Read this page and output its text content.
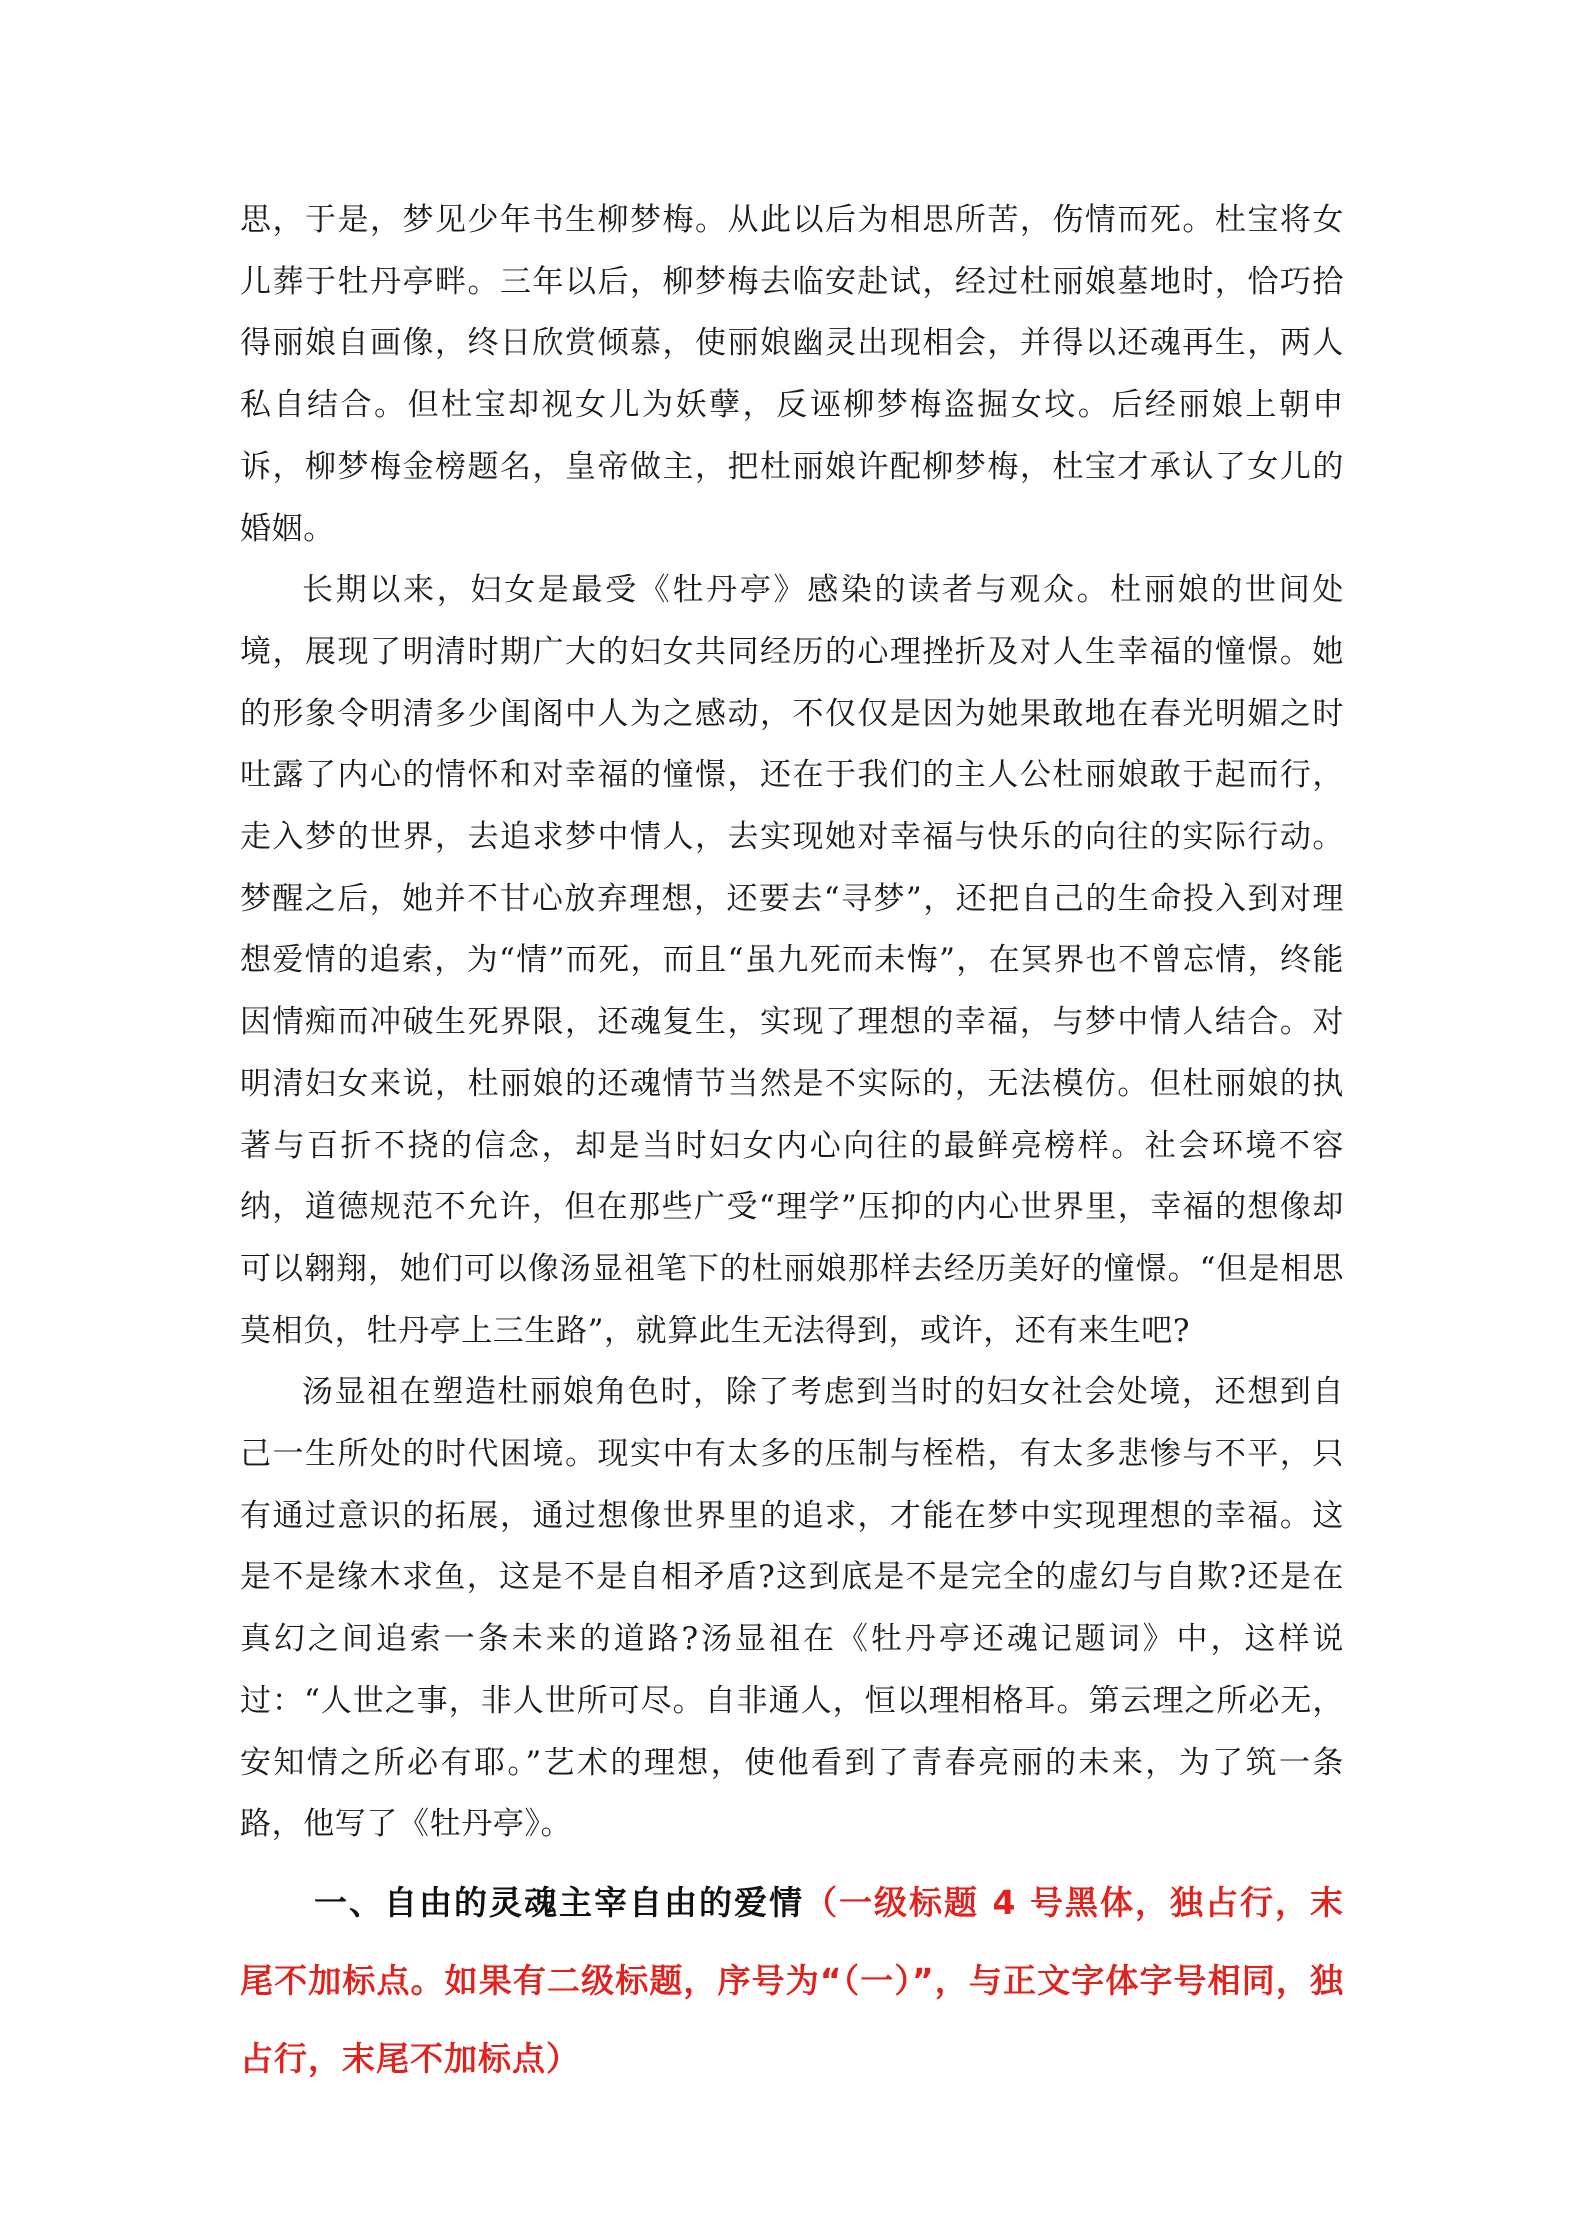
思，于是，梦见少年书生柳梦梅。从此以后为相思所苦，伤情而死。杜宝将女儿葬于牡丹亭畔。三年以后，柳梦梅去临安赴试，经过杜丽娘墓地时，恰巧拾得丽娘自画像，终日欣赏倾慕，使丽娘幽灵出现相会，并得以还魂再生，两人私自结合。但杜宝却视女儿为妖孽，反诬柳梦梅盗掘女坟。后经丽娘上朝申诉，柳梦梅金榜题名，皇帝做主，把杜丽娘许配柳梦梅，杜宝才承认了女儿的婚姻。

长期以来，妇女是最受《牡丹亭》感染的读者与观众。杜丽娘的世间处境，展现了明清时期广大的妇女共同经历的心理挫折及对人生幸福的憧憬。她的形象令明清多少闺阁中人为之感动，不仅仅是因为她果敢地在春光明媚之时吐露了内心的情怀和对幸福的憧憬，还在于我们的主人公杜丽娘敢于起而行，走入梦的世界，去追求梦中情人，去实现她对幸福与快乐的向往的实际行动。梦醒之后，她并不甘心放弃理想，还要去“寻梦”，还把自己的生命投入到对理想爱情的追索，为“情”而死，而且“虽九死而未悔”，在冥界也不曾忘情，终能因情痴而冲破生死界限，还魂复生，实现了理想的幸福，与梦中情人结合。对明清妇女来说，杜丽娘的还魂情节当然是不实际的，无法模仿。但杜丽娘的执著与百折不挠的信念，却是当时妇女内心向往的最鲜亮榜样。社会环境不容纳，道德规范不允许，但在那些广受“理学”压抑的内心世界里，幸福的想像却可以翱翔，她们可以像汤显祖笔下的杜丽娘那样去经历美好的憧憬。“但是相思莫相负，牡丹亭上三生路”，就算此生无法得到，或许，还有来生吧?

汤显祖在塑造杜丽娘角色时，除了考虑到当时的妇女社会处境，还想到自己一生所处的时代困境。现实中有太多的压制与桎梏，有太多悲惨与不平，只有通过意识的拓展，通过想像世界里的追求，才能在梦中实现理想的幸福。这是不是缘木求鱼，这是不是自相矛盾?这到底是不是完全的虚幻与自欺?还是在真幻之间追索一条未来的道路?汤显祖在《牡丹亭还魂记题词》中，这样说过：“人世之事，非人世所可尽。自非通人，恒以理相格耳。第云理之所必无，安知情之所必有耶。”艺术的理想，使他看到了青春亮丽的未来，为了筑一条路，他写了《牡丹亭》。

一、自由的灵魂主宰自由的爱情（一级标题 4 号黑体，独占行，末尾不加标点。如果有二级标题，序号为“（一）”，与正文字体字号相同，独占行，末尾不加标点）
